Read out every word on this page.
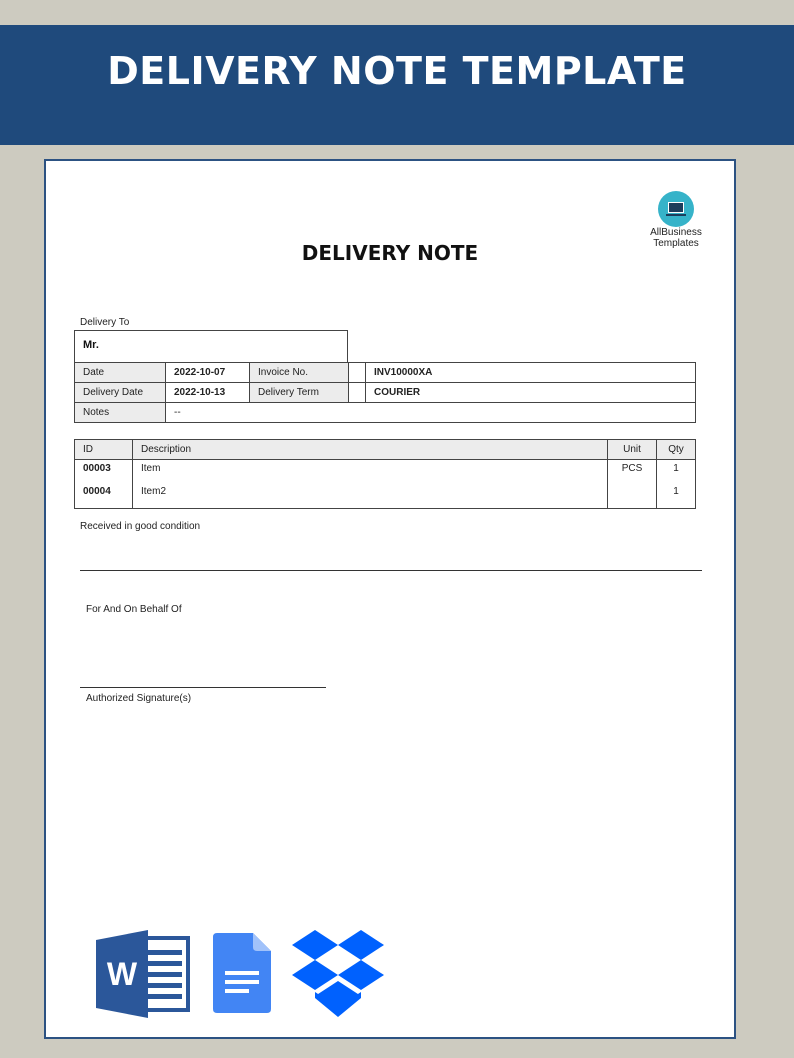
DELIVERY NOTE TEMPLATE
AllBusiness
Templates
DELIVERY NOTE
Delivery To
Mr.
Date	2022-10-07	Invoice No.		INV10000XA
Delivery Date	2022-10-13	Delivery Term		COURIER
Notes	--			
ID	Description	Unit	Qty
00003	Item	PCS	1
00004	Item2		1
Received in good condition
For And On Behalf Of
Authorized Signature(s)
W
